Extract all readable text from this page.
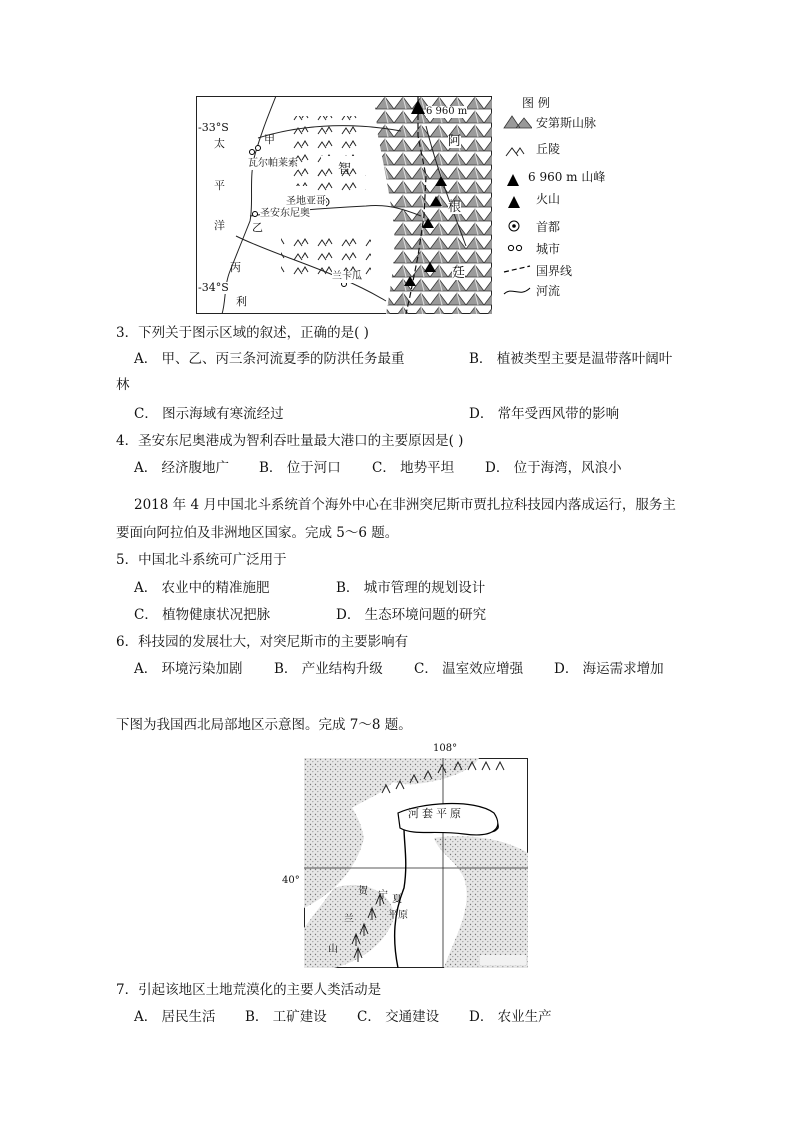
-33°S
-34°S
太
平
洋
甲
乙
丙
利
智
阿
根
廷
瓦尔帕莱索
圣地亚哥
圣安东尼奥
兰卡瓜
6 960 m
图 例
安第斯山脉
丘陵
6 960 m 山峰
火山
首都
城市
国界线
河流
3．下列关于图示区域的叙述，正确的是( )
A． 甲、乙、丙三条河流夏季的防洪任务最重	B． 植被类型主要是温带落叶阔叶
林
C． 图示海域有寒流经过	D． 常年受西风带的影响
4．圣安东尼奥港成为智利吞吐量最大港口的主要原因是( )
A． 经济腹地广 B． 位于河口 C． 地势平坦 D． 位于海湾，风浪小
2018 年 4 月中国北斗系统首个海外中心在非洲突尼斯市贾扎拉科技园内落成运行，服务主
要面向阿拉伯及非洲地区国家。完成 5～6 题。
5．中国北斗系统可广泛用于
A． 农业中的精准施肥	B． 城市管理的规划设计
C． 植物健康状况把脉	D． 生态环境问题的研究
6．科技园的发展壮大，对突尼斯市的主要影响有
A． 环境污染加剧 B． 产业结构升级 C． 温室效应增强 D． 海运需求增加
下图为我国西北局部地区示意图。完成 7～8 题。
108°
40°
河套平原
宁 夏
平 原
贺
兰
山
7．引起该地区土地荒漠化的主要人类活动是
A． 居民生活 B． 工矿建设 C． 交通建设 D． 农业生产
